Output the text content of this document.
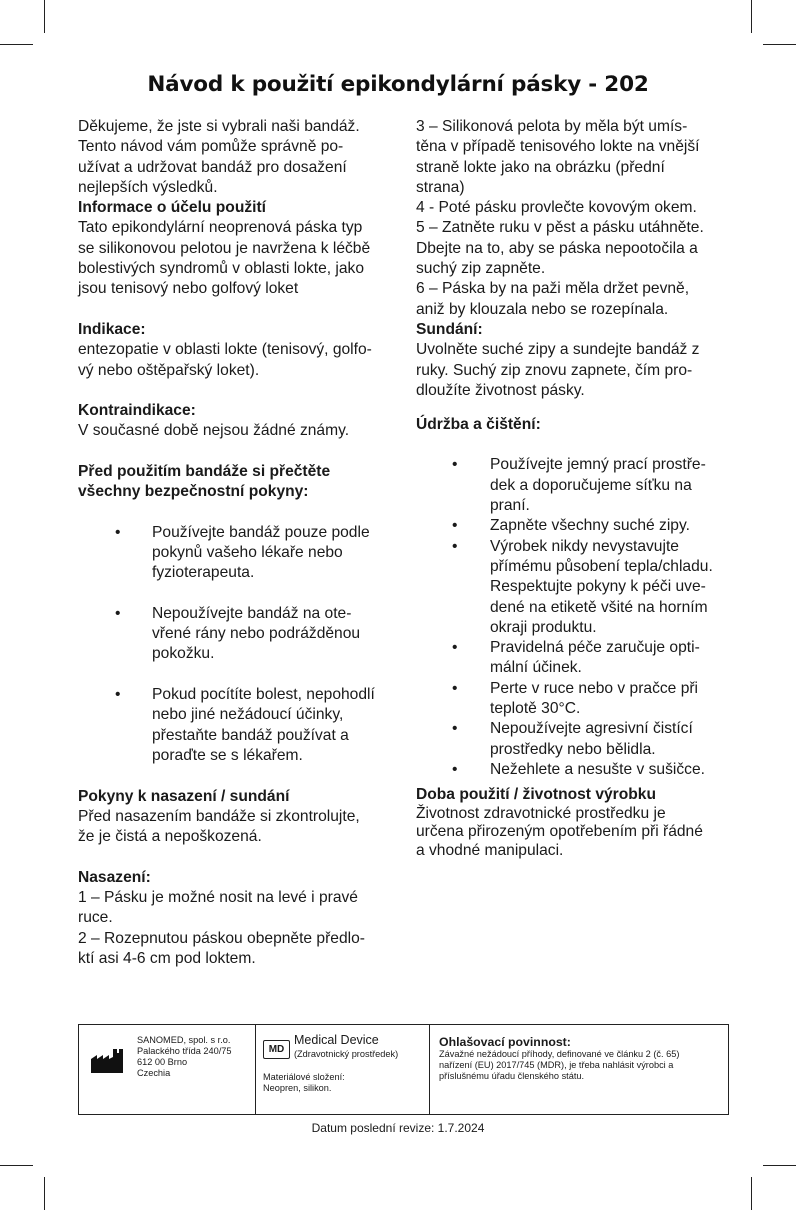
Návod k použití epikondylární pásky - 202

Děkujeme, že jste si vybrali naši bandáž.
Tento návod vám pomůže správně po-
užívat a udržovat bandáž pro dosažení
nejlepších výsledků.

Informace o účelu použití

Tato epikondylární neoprenová páska typ
se silikonovou pelotou je navržena k léčbě
bolestivých syndromů v oblasti lokte, jako
jsou tenisový nebo golfový loket

Indikace:

entezopatie v oblasti lokte (tenisový, golfo-
vý nebo oštěpařský loket).

Kontraindikace:

V současné době nejsou žádné známy.

Před použitím bandáže si přečtěte
všechny bezpečnostní pokyny:

• Používejte bandáž pouze podle
pokynů vašeho lékaře nebo
fyzioterapeuta.
• Nepoužívejte bandáž na ote-
vřené rány nebo podrážděnou
pokožku.
• Pokud pocítíte bolest, nepohodlí
nebo jiné nežádoucí účinky,
přestaňte bandáž používat a
poraďte se s lékařem.

Pokyny k nasazení / sundání

Před nasazením bandáže si zkontrolujte,
že je čistá a nepoškozená.

Nasazení:

1 – Pásku je možné nosit na levé i pravé
ruce.

2 – Rozepnutou páskou obepněte předlo-
ktí asi 4-6 cm pod loktem.

3 – Silikonová pelota by měla být umís-
těna v případě tenisového lokte na vnější
straně lokte jako na obrázku (přední
strana)

4 - Poté pásku provlečte kovovým okem.

5 – Zatněte ruku v pěst a pásku utáhněte.
Dbejte na to, aby se páska nepootočila a
suchý zip zapněte.

6 – Páska by na paži měla držet pevně,
aniž by klouzala nebo se rozepínala.

Sundání:

Uvolněte suché zipy a sundejte bandáž z
ruky. Suchý zip znovu zapnete, čím pro-
dloužíte životnost pásky.

Údržba a čištění:

• Používejte jemný prací prostře-
dek a doporučujeme síťku na
praní.
• Zapněte všechny suché zipy.
• Výrobek nikdy nevystavujte
přímému působení tepla/chladu.
Respektujte pokyny k péči uve-
dené na etiketě všité na horním
okraji produktu.
• Pravidelná péče zaručuje opti-
mální účinek.
• Perte v ruce nebo v pračce při
teplotě 30°C.
• Nepoužívejte agresivní čistící
prostředky nebo bělidla.
• Nežehlete a nesušte v sušičce.

Doba použití / životnost výrobku

Životnost zdravotnické prostředku je
určena přirozeným opotřebením při řádné
a vhodné manipulaci.

SANOMED, spol. s r.o.
Palackého třída 240/75
612 00 Brno
Czechia
MD
Medical Device
(Zdravotnický prostředek)
Materiálové složení:
Neopren, silikon.
Ohlašovací povinnost:
Závažné nežádoucí příhody, definované ve článku 2 (č. 65)
nařízení (EU) 2017/745 (MDR), je třeba nahlásit výrobci a
příslušnému úřadu členského státu.
Datum poslední revize: 1.7.2024
